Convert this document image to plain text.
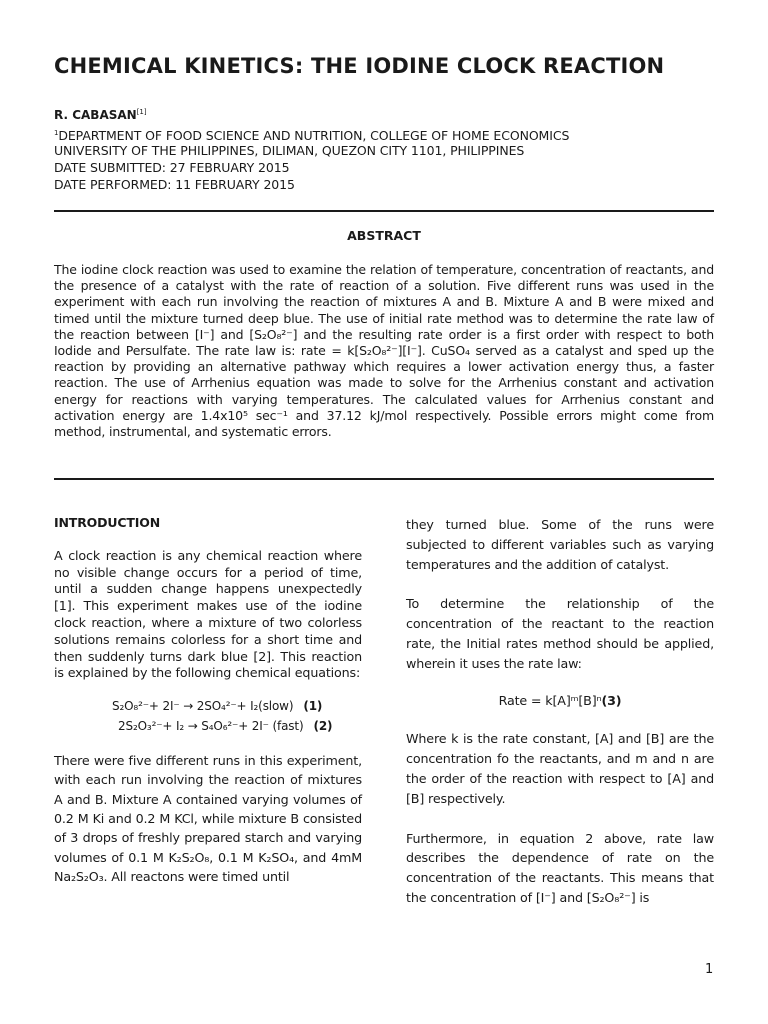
CHEMICAL KINETICS: THE IODINE CLOCK REACTION
R. CABASAN[1]
$^1$DEPARTMENT OF FOOD SCIENCE AND NUTRITION, COLLEGE OF HOME ECONOMICS
UNIVERSITY OF THE PHILIPPINES, DILIMAN, QUEZON CITY 1101, PHILIPPINES
DATE SUBMITTED: 27 FEBRUARY 2015
DATE PERFORMED: 11 FEBRUARY 2015
ABSTRACT
The iodine clock reaction was used to examine the relation of temperature, concentration of reactants, and the presence of a catalyst with the rate of reaction of a solution. Five different runs was used in the experiment with each run involving the reaction of mixtures A and B. Mixture A and B were mixed and timed until the mixture turned deep blue. The use of initial rate method was to determine the rate law of the reaction between [I⁻] and [S₂O₈²⁻] and the resulting rate order is a first order with respect to both Iodide and Persulfate. The rate law is: rate = k[S₂O₈²⁻][I⁻]. CuSO₄ served as a catalyst and sped up the reaction by providing an alternative pathway which requires a lower activation energy thus, a faster reaction. The use of Arrhenius equation was made to solve for the Arrhenius constant and activation energy for reactions with varying temperatures. The calculated values for Arrhenius constant and activation energy are 1.4x10⁵ sec⁻¹ and 37.12 kJ/mol respectively. Possible errors might come from method, instrumental, and systematic errors.
INTRODUCTION

A clock reaction is any chemical reaction where no visible change occurs for a period of time, until a sudden change happens unexpectedly [1]. This experiment makes use of the iodine clock reaction, where a mixture of two colorless solutions remains colorless for a short time and then suddenly turns dark blue [2]. This reaction is explained by the following chemical equations:

S₂O₈²⁻+ 2I⁻ → 2SO₄²⁻+ I₂(slow) (1)
2S₂O₃²⁻+ I₂ → S₄O₆²⁻+ 2I⁻ (fast) (2)

There were five different runs in this experiment, with each run involving the reaction of mixtures A and B. Mixture A contained varying volumes of 0.2 M Ki and 0.2 M KCl, while mixture B consisted of 3 drops of freshly prepared starch and varying volumes of 0.1 M K₂S₂O₈, 0.1 M K₂SO₄, and 4mM Na₂S₂O₃. All reactons were timed until

they turned blue. Some of the runs were subjected to different variables such as varying temperatures and the addition of catalyst.

To determine the relationship of the concentration of the reactant to the reaction rate, the Initial rates method should be applied, wherein it uses the rate law:

Rate = k[A]ᵐ[B]ⁿ(3)

Where k is the rate constant, [A] and [B] are the concentration fo the reactants, and m and n are the order of the reaction with respect to [A] and [B] respectively.

Furthermore, in equation 2 above, rate law describes the dependence of rate on the concentration of the reactants. This means that the concentration of [I⁻] and [S₂O₈²⁻] is

1
